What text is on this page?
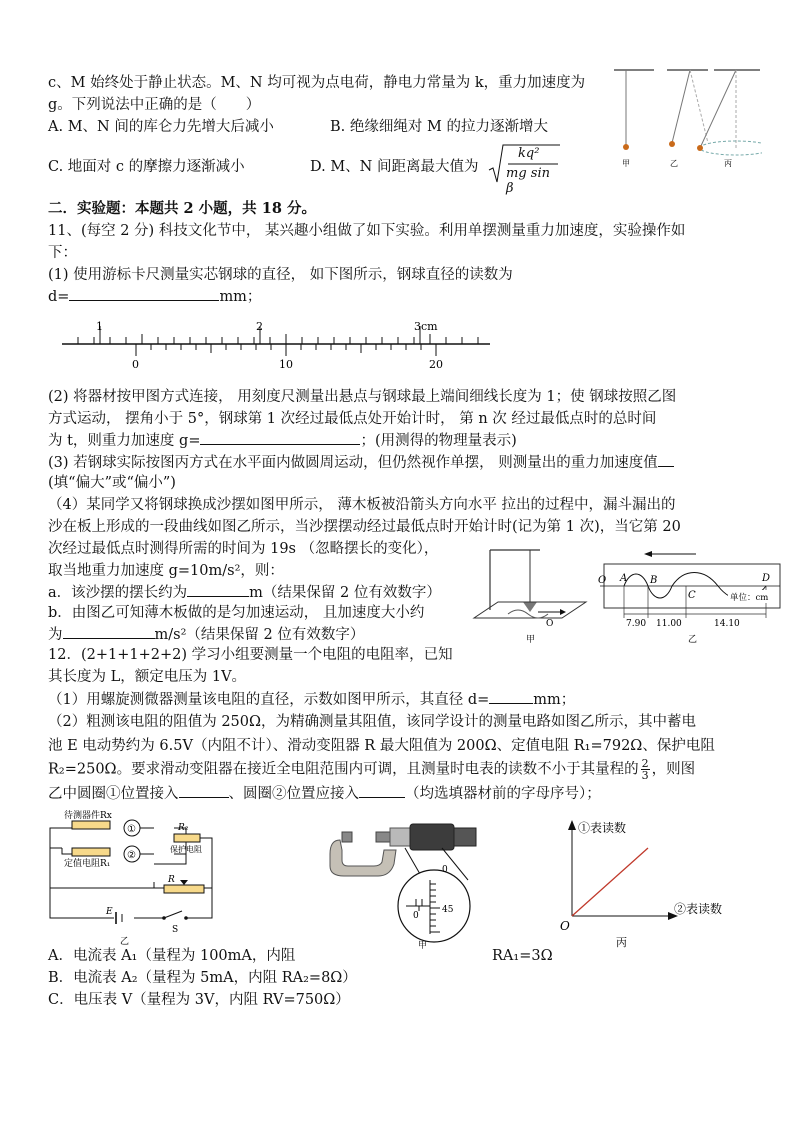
c、M 始终处于静止状态。M、N 均可视为点电荷，静电力常量为 k，重力加速度为
g。下列说法中正确的是（　　）
A. M、N 间的库仑力先增大后减小	B. 绝缘细绳对 M 的拉力逐渐增大
C. 地面对 c 的摩擦力逐渐减小	D. M、N 间距离最大值为
kq²
mg sin β
甲	乙	丙
二．实验题：本题共 2 小题，共 18 分。
11、(每空 2 分) 科技文化节中， 某兴趣小组做了如下实验。利用单摆测量重力加速度，实验操作如
下：
(1) 使用游标卡尺测量实芯钢球的直径， 如下图所示，钢球直径的读数为
d=	mm；
1	2	3cm
0	10	20
(2) 将器材按甲图方式连接， 用刻度尺测量出悬点与钢球最上端间细线长度为 1；使 钢球按照乙图
方式运动， 摆角小于 5°，钢球第 1 次经过最低点处开始计时， 第 n 次 经过最低点时的总时间
为 t，则重力加速度 g=	；(用测得的物理量表示)
(3) 若钢球实际按图丙方式在水平面内做圆周运动，但仍然视作单摆， 则测量出的重力加速度值
(填“偏大”或“偏小”)
（4）某同学又将钢球换成沙摆如图甲所示， 薄木板被沿箭头方向水平 拉出的过程中，漏斗漏出的
沙在板上形成的一段曲线如图乙所示，当沙摆摆动经过最低点时开始计时(记为第 1 次)，当它第 20
次经过最低点时测得所需的时间为 19s （忽略摆长的变化），
取当地重力加速度 g=10m/s²，则：
a．该沙摆的摆长约为	m（结果保留 2 位有效数字）
b．由图乙可知薄木板做的是匀加速运动， 且加速度大小约
为	m/s²（结果保留 2 位有效数字）
O
甲
O A B
C
D
单位：cm
7.90 11.00	14.10
乙
12．(2+1+1+2+2) 学习小组要测量一个电阻的电阻率，已知
其长度为 L，额定电压为 1V。
（1）用螺旋测微器测量该电阻的直径，示数如图甲所示，其直径 d=	mm；
（2）粗测该电阻的阻值为 250Ω，为精确测量其阻值，该同学设计的测量电路如图乙所示，其中蓄电
池 E 电动势约为 6.5V（内阻不计）、滑动变阻器 R 最大阻值为 200Ω、定值电阻 R₁=792Ω、保护电阻
R₂=250Ω。要求滑动变阻器在接近全电阻范围内可调，且测量时电表的读数不小于其量程的 $\frac{2}{3}$ ，则图
乙中圆圈①位置接入	、圆圈②位置应接入	（均选填器材前的字母序号）；
待测器件Rx
定值电阻R₁
R₂
保护电阻
①
②
R
E
S
乙
0
0
45
甲
①表读数
②表读数
O
丙
A．电流表 A₁（量程为 100mA，内阻	RA₁=3Ω
B．电流表 A₂（量程为 5mA，内阻 RA₂=8Ω）
C．电压表 V（量程为 3V，内阻 RV=750Ω）
